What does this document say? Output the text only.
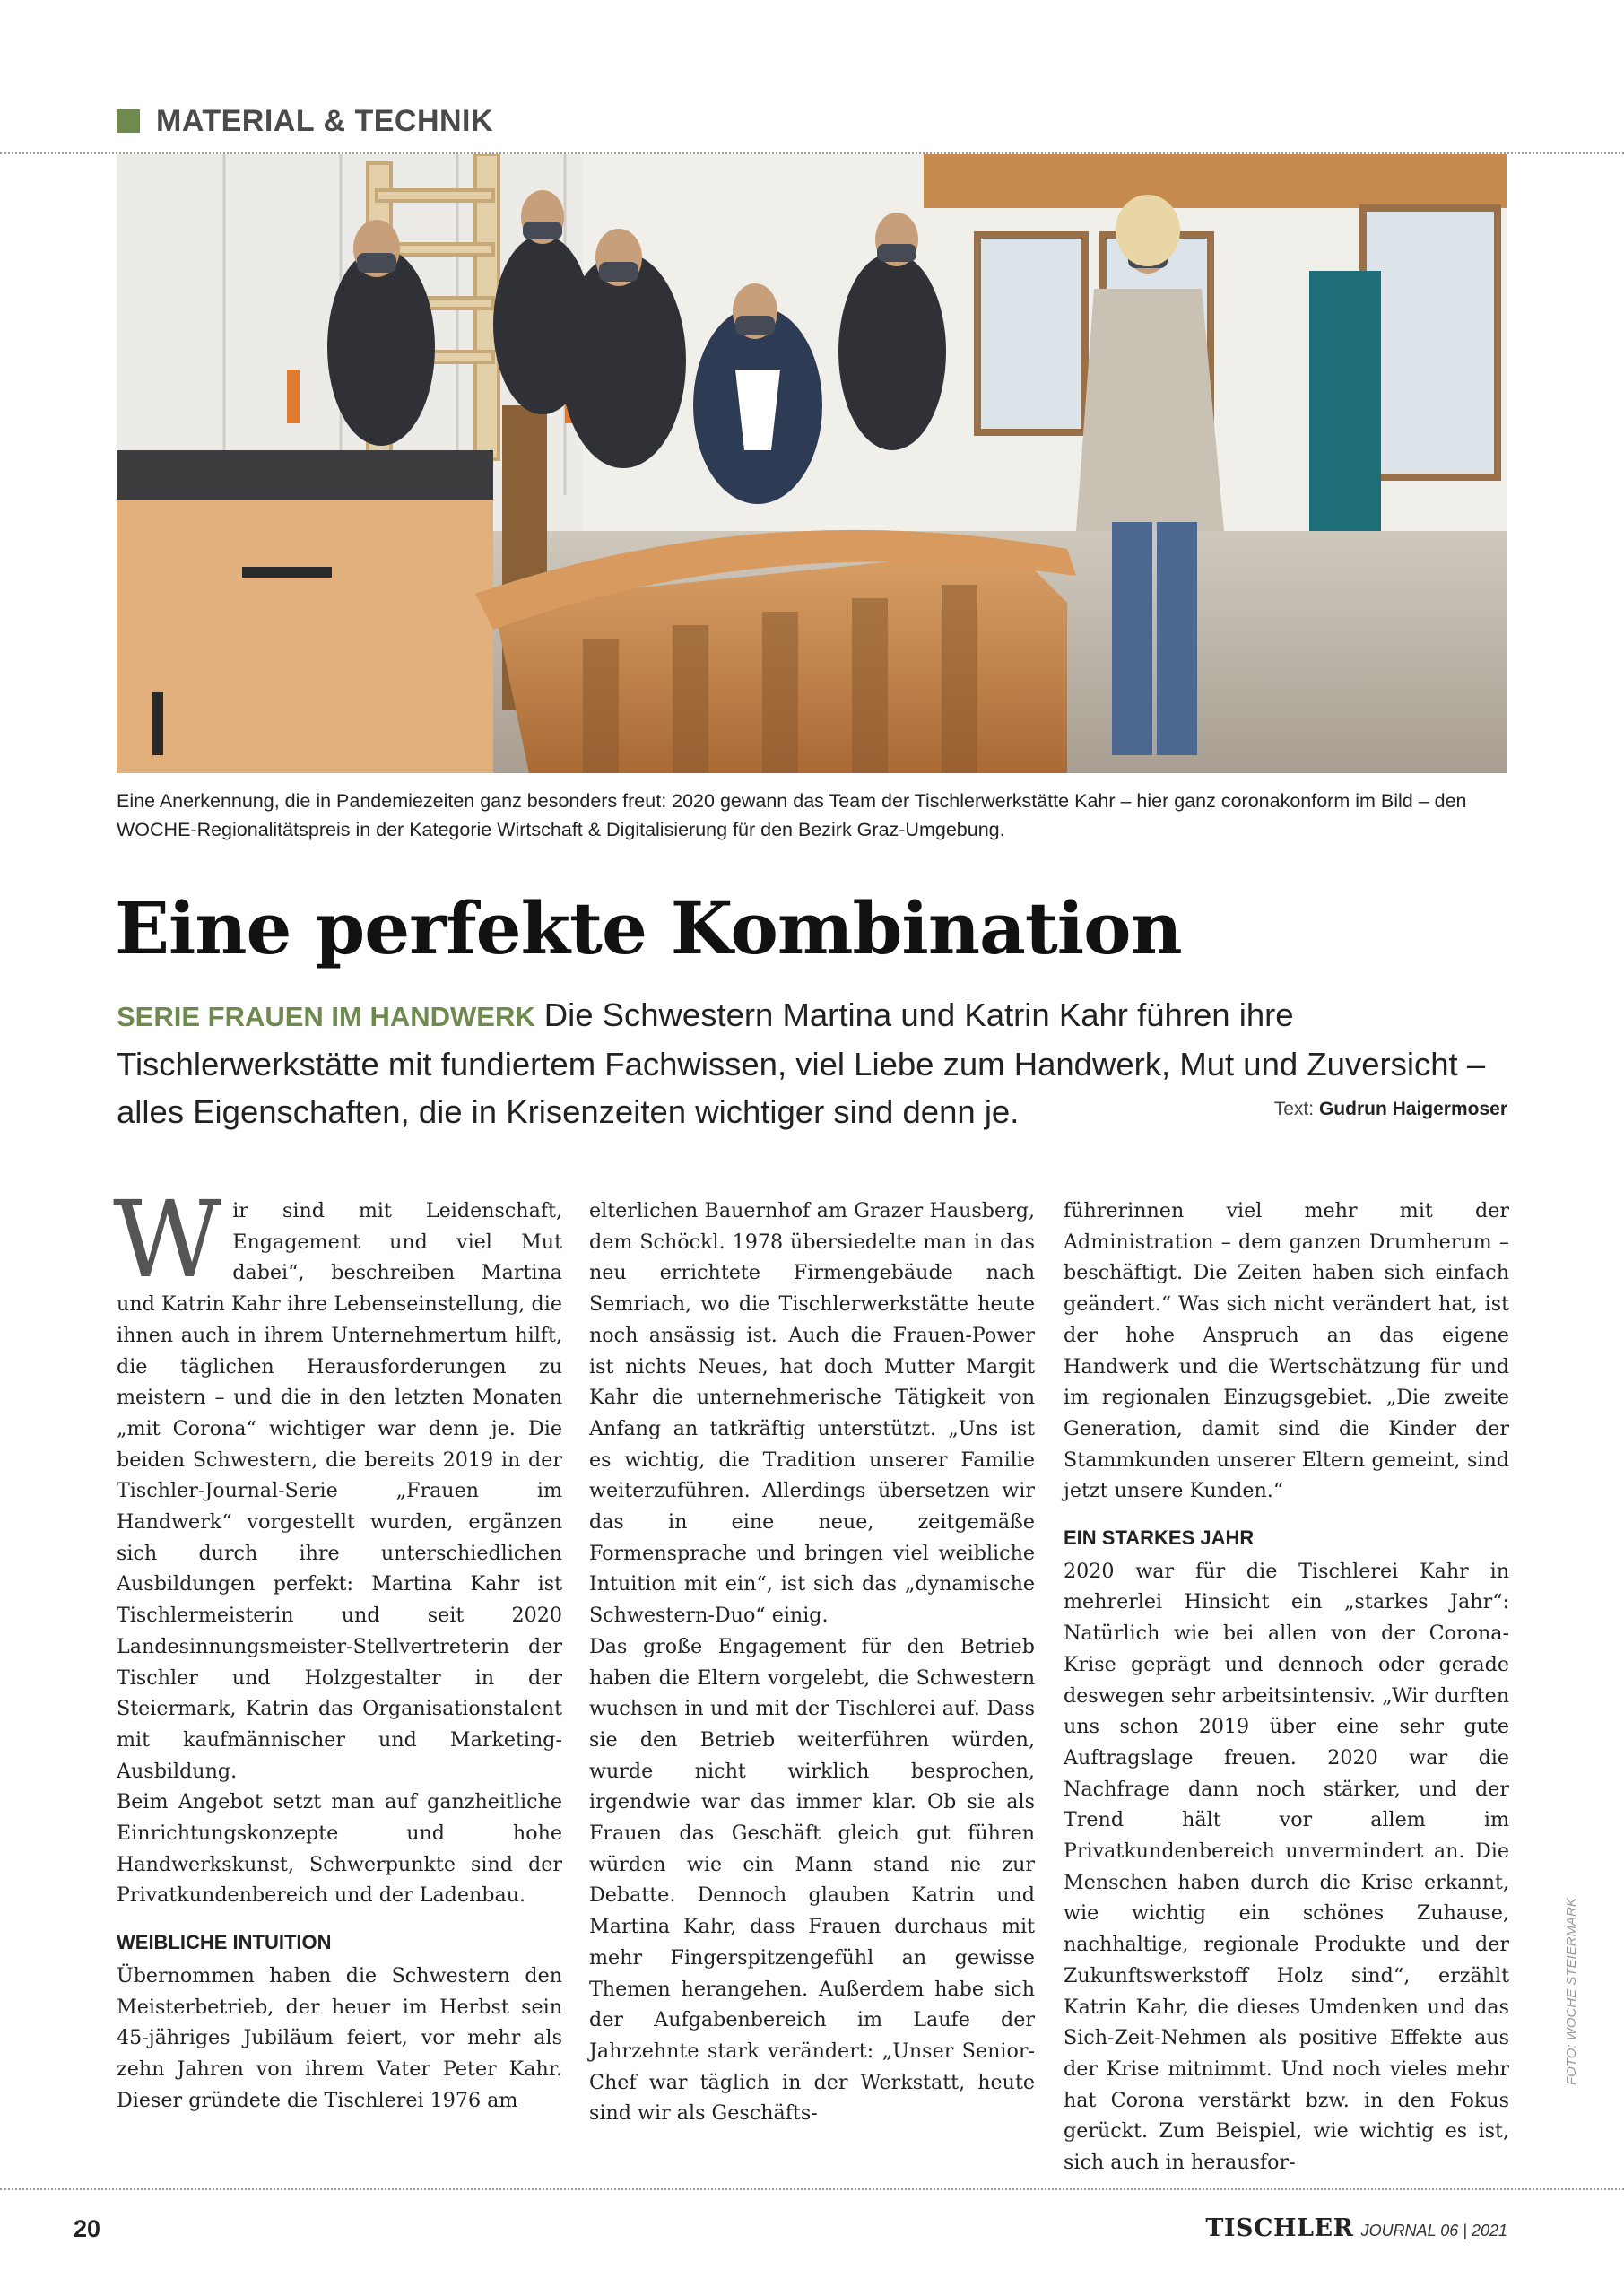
MATERIAL & TECHNIK
Eine Anerkennung, die in Pandemiezeiten ganz besonders freut: 2020 gewann das Team der Tischlerwerkstätte Kahr – hier ganz coronakonform im Bild – den WOCHE-Regionalitätspreis in der Kategorie Wirtschaft & Digitalisierung für den Bezirk Graz-Umgebung.
Eine perfekte Kombination

SERIE FRAUEN IM HANDWERK Die Schwestern Martina und Katrin Kahr führen ihre Tischlerwerkstätte mit fundiertem Fachwissen, viel Liebe zum Handwerk, Mut und Zuversicht – alles Eigenschaften, die in Krisenzeiten wichtiger sind denn je.	Text: Gudrun Haigermoser

Wir sind mit Leidenschaft, Engagement und viel Mut dabei“, beschreiben Martina und Katrin Kahr ihre Lebenseinstellung, die ihnen auch in ihrem Unternehmertum hilft, die täglichen Herausforderungen zu meistern – und die in den letzten Monaten „mit Corona“ wichtiger war denn je. Die beiden Schwestern, die bereits 2019 in der Tischler-Journal-Serie „Frauen im Handwerk“ vorgestellt wurden, ergänzen sich durch ihre unterschiedlichen Ausbildungen perfekt: Martina Kahr ist Tischlermeisterin und seit 2020 Landesinnungsmeister-Stellvertreterin der Tischler und Holzgestalter in der Steiermark, Katrin das Organisationstalent mit kaufmännischer und Marketing-Ausbildung.

Beim Angebot setzt man auf ganzheitliche Einrichtungskonzepte und hohe Handwerkskunst, Schwerpunkte sind der Privatkundenbereich und der Ladenbau.

WEIBLICHE INTUITION

Übernommen haben die Schwestern den Meisterbetrieb, der heuer im Herbst sein 45-jähriges Jubiläum feiert, vor mehr als zehn Jahren von ihrem Vater Peter Kahr. Dieser gründete die Tischlerei 1976 am

elterlichen Bauernhof am Grazer Hausberg, dem Schöckl. 1978 übersiedelte man in das neu errichtete Firmengebäude nach Semriach, wo die Tischlerwerkstätte heute noch ansässig ist. Auch die Frauen-Power ist nichts Neues, hat doch Mutter Margit Kahr die unternehmerische Tätigkeit von Anfang an tatkräftig unterstützt. „Uns ist es wichtig, die Tradition unserer Familie weiterzuführen. Allerdings übersetzen wir das in eine neue, zeitgemäße Formensprache und bringen viel weibliche Intuition mit ein“, ist sich das „dynamische Schwestern-Duo“ einig.

Das große Engagement für den Betrieb haben die Eltern vorgelebt, die Schwestern wuchsen in und mit der Tischlerei auf. Dass sie den Betrieb weiterführen würden, wurde nicht wirklich besprochen, irgendwie war das immer klar. Ob sie als Frauen das Geschäft gleich gut führen würden wie ein Mann stand nie zur Debatte. Dennoch glauben Katrin und Martina Kahr, dass Frauen durchaus mit mehr Fingerspitzengefühl an gewisse Themen herangehen. Außerdem habe sich der Aufgabenbereich im Laufe der Jahrzehnte stark verändert: „Unser Senior-Chef war täglich in der Werkstatt, heute sind wir als Geschäfts-

führerinnen viel mehr mit der Administration – dem ganzen Drumherum – beschäftigt. Die Zeiten haben sich einfach geändert.“ Was sich nicht verändert hat, ist der hohe Anspruch an das eigene Handwerk und die Wertschätzung für und im regionalen Einzugsgebiet. „Die zweite Generation, damit sind die Kinder der Stammkunden unserer Eltern gemeint, sind jetzt unsere Kunden.“

EIN STARKES JAHR

2020 war für die Tischlerei Kahr in mehrerlei Hinsicht ein „starkes Jahr“: Natürlich wie bei allen von der Corona-Krise geprägt und dennoch oder gerade deswegen sehr arbeitsintensiv. „Wir durften uns schon 2019 über eine sehr gute Auftragslage freuen. 2020 war die Nachfrage dann noch stärker, und der Trend hält vor allem im Privatkundenbereich unvermindert an. Die Menschen haben durch die Krise erkannt, wie wichtig ein schönes Zuhause, nachhaltige, regionale Produkte und der Zukunftswerkstoff Holz sind“, erzählt Katrin Kahr, die dieses Umdenken und das Sich-Zeit-Nehmen als positive Effekte aus der Krise mitnimmt. Und noch vieles mehr hat Corona verstärkt bzw. in den Fokus gerückt. Zum Beispiel, wie wichtig es ist, sich auch in herausfor-

FOTO: WOCHE STEIERMARK
20	TISCHLER JOURNAL 06 | 2021
